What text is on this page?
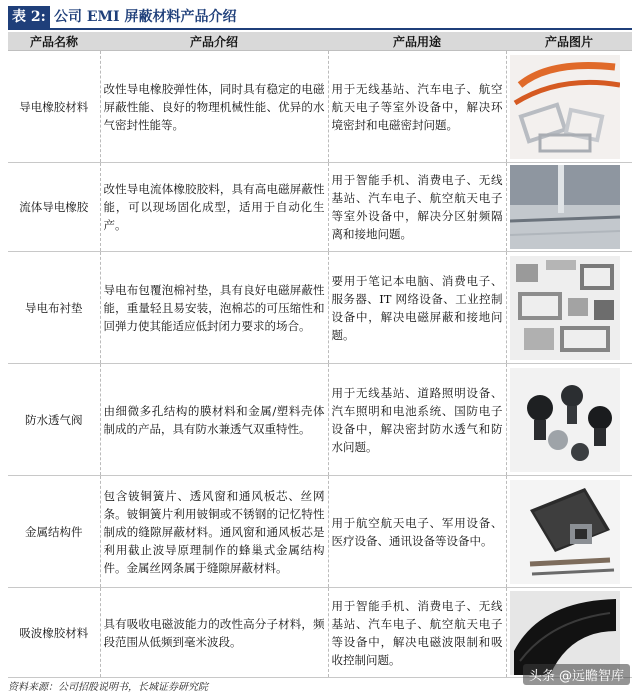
表 2: 公司 EMI 屏蔽材料产品介绍
产品名称	产品介绍	产品用途	产品图片
导电橡胶材料	改性导电橡胶弹性体，同时具有稳定的电磁屏蔽性能、良好的物理机械性能、优异的水气密封性能等。	用于无线基站、汽车电子、航空航天电子等室外设备中，解决环境密封和电磁密封问题。	

流体导电橡胶	改性导电流体橡胶胶料，具有高电磁屏蔽性能，可以现场固化成型，适用于自动化生产。	用于智能手机、消费电子、无线基站、汽车电子、航空航天电子等室外设备中，解决分区射频隔离和接地问题。	

导电布衬垫	导电布包覆泡棉衬垫，具有良好电磁屏蔽性能，重量轻且易安装，泡棉芯的可压缩性和回弹力使其能适应低封闭力要求的场合。	要用于笔记本电脑、消费电子、服务器、IT 网络设备、工业控制设备中，解决电磁屏蔽和接地问题。	

防水透气阀	由细微多孔结构的膜材料和金属/塑料壳体制成的产品，具有防水兼透气双重特性。	用于无线基站、道路照明设备、汽车照明和电池系统、国防电子设备中，解决密封防水透气和防水问题。	

金属结构件	包含铍铜簧片、透风窗和通风板芯、丝网条。铍铜簧片利用铍铜或不锈钢的记忆特性制成的缝隙屏蔽材料。通风窗和通风板芯是利用截止波导原理制作的蜂巢式金属结构件。金属丝网条属于缝隙屏蔽材料。	用于航空航天电子、军用设备、医疗设备、通讯设备等设备中。	

吸波橡胶材料	具有吸收电磁波能力的改性高分子材料，频段范围从低频到毫米波段。	用于智能手机、消费电子、无线基站、汽车电子、航空航天电子等设备中，解决电磁波限制和吸收控制问题。	
资料来源：公司招股说明书，长城证券研究院
头条 @远瞻智库
